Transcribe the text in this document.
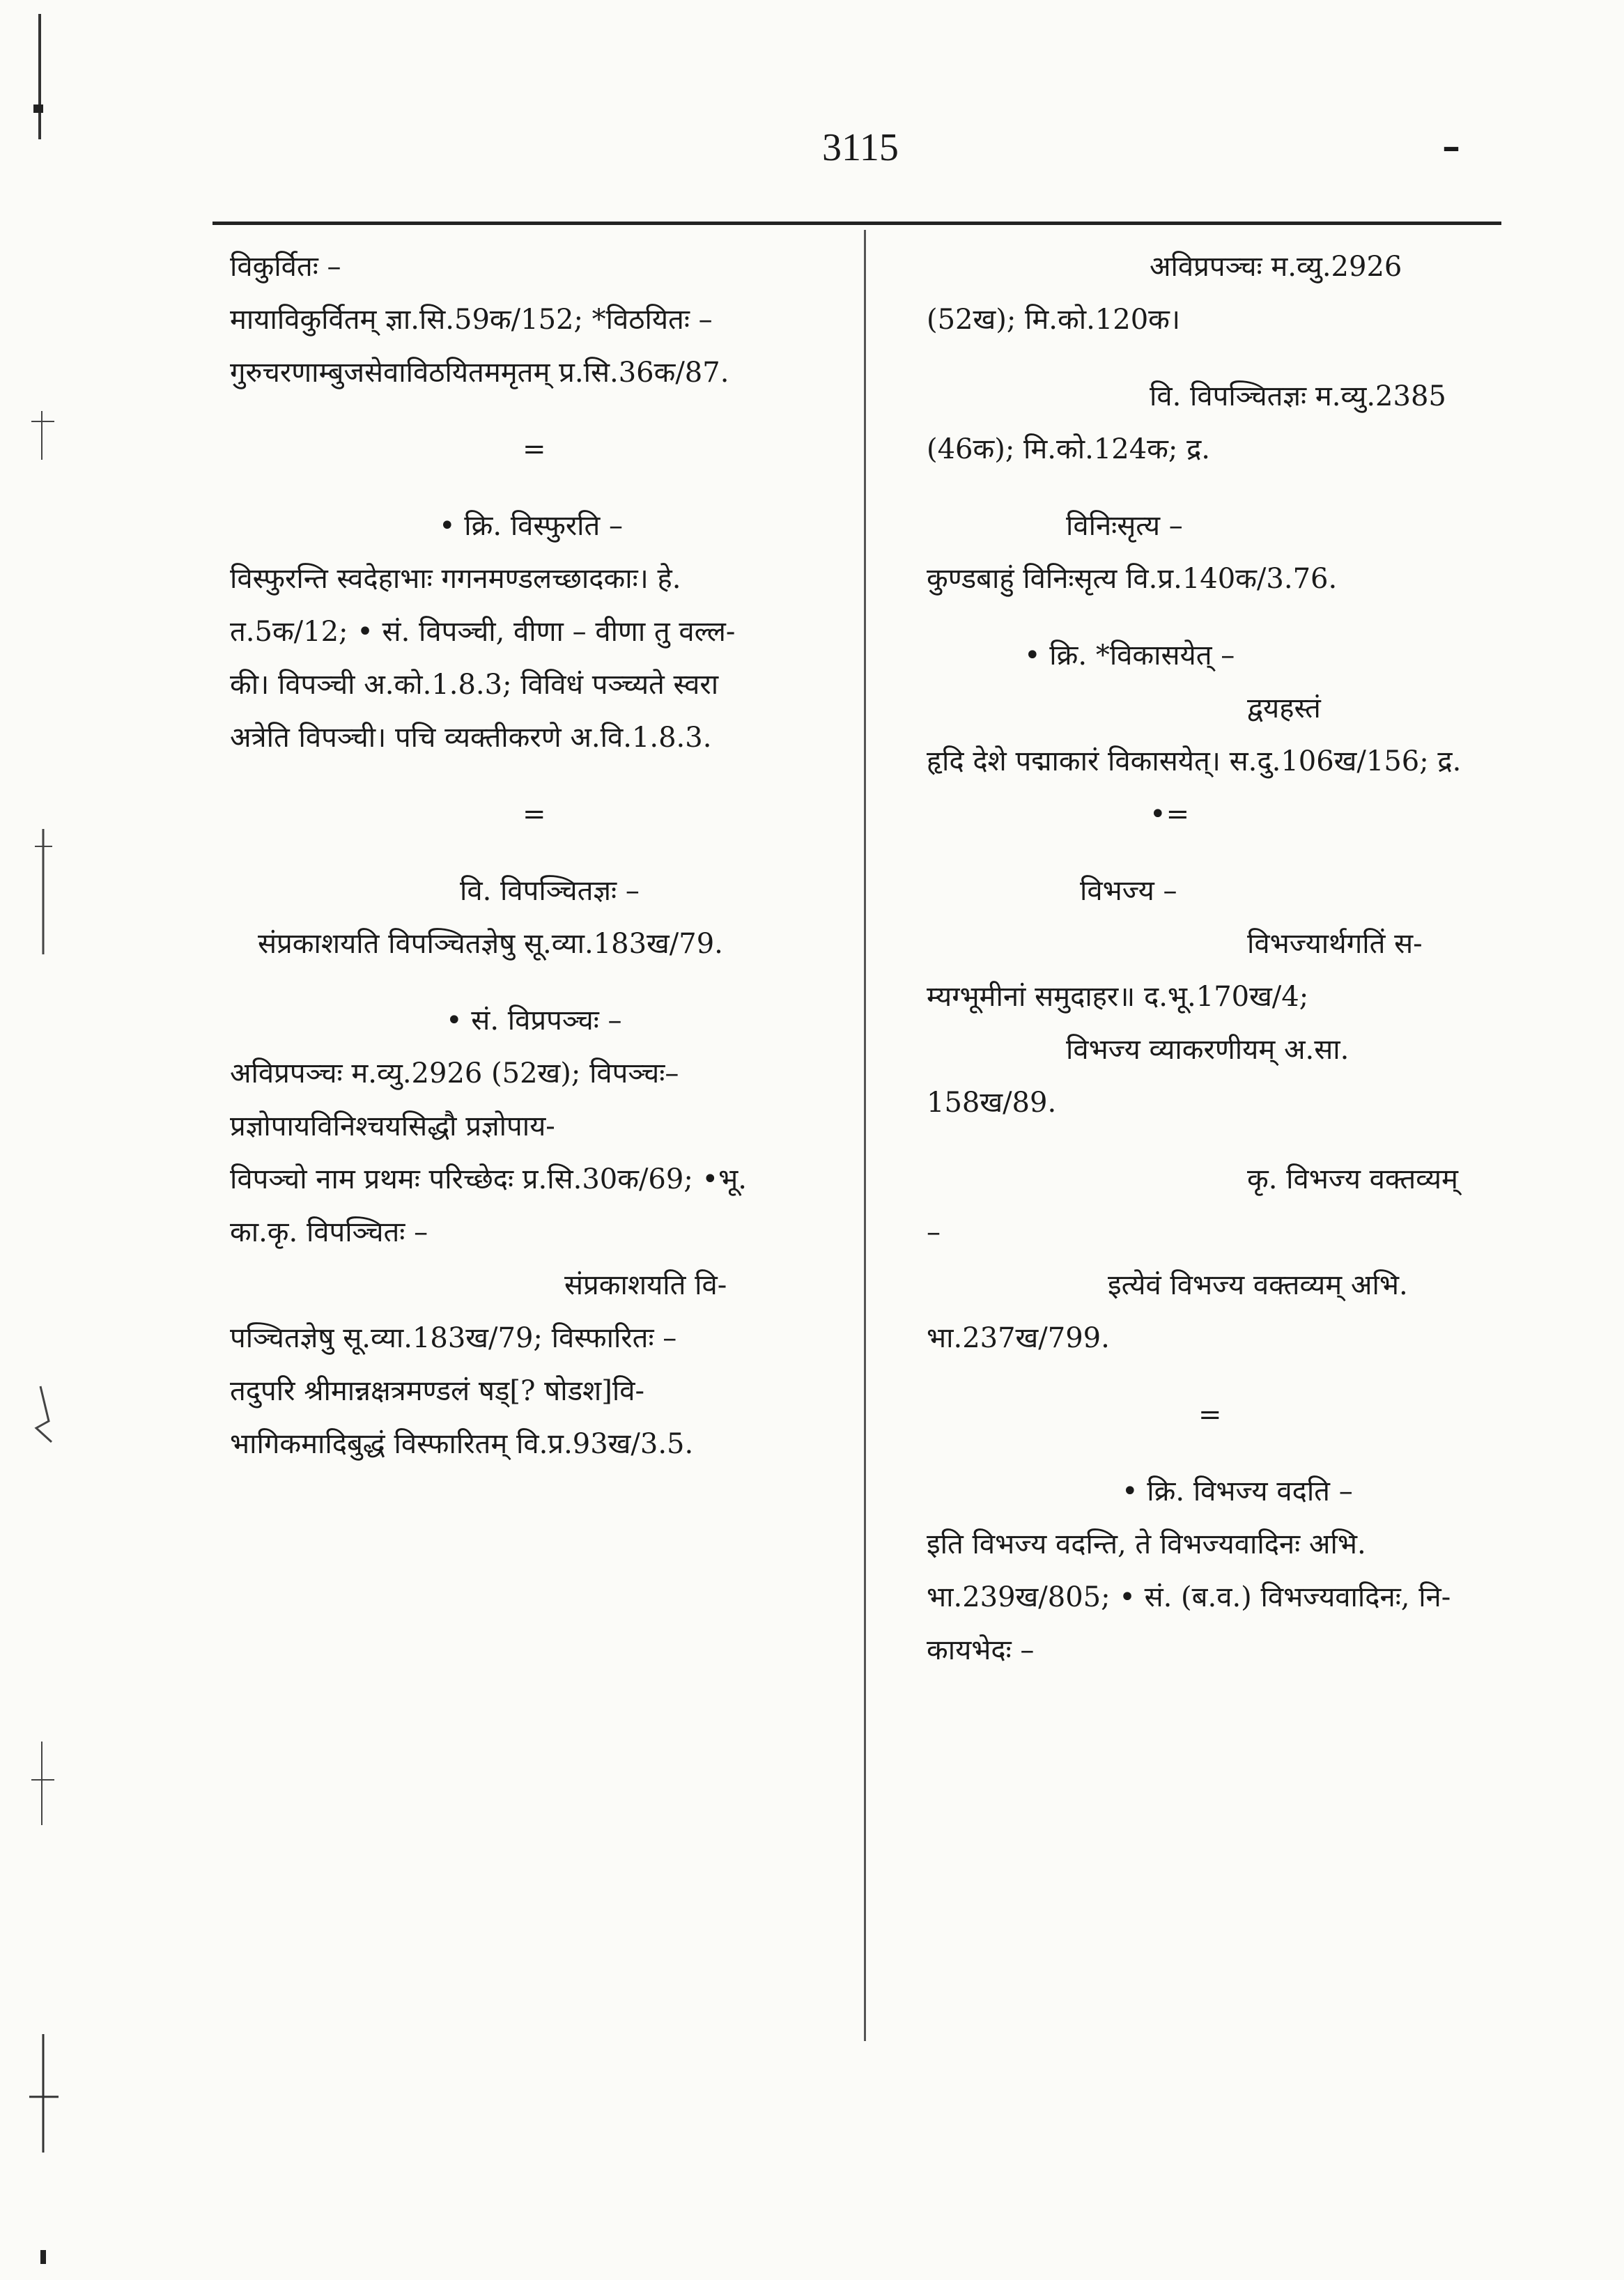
3115	–

विकुर्वितः –

मायाविकुर्वितम् ज्ञा.सि.59क/152; *विठयितः –

गुरुचरणाम्बुजसेवाविठयितममृतम् प्र.सि.36क/87.

=

• क्रि. विस्फुरति –

विस्फुरन्ति स्वदेहाभाः गगनमण्डलच्छादकाः। हे.

त.5क/12; • सं. विपञ्ची, वीणा – वीणा तु वल्ल-

की। विपञ्ची अ.को.1.8.3; विविधं पञ्च्यते स्वरा

अत्रेति विपञ्ची। पचि व्यक्तीकरणे अ.वि.1.8.3.

=

वि. विपञ्चितज्ञः –

संप्रकाशयति विपञ्चितज्ञेषु सू.व्या.183ख/79.

• सं. विप्रपञ्चः –

अविप्रपञ्चः म.व्यु.2926 (52ख); विपञ्चः–

प्रज्ञोपायविनिश्चयसिद्धौ प्रज्ञोपाय-

विपञ्चो नाम प्रथमः परिच्छेदः प्र.सि.30क/69; •भू.

का.कृ. विपञ्चितः –

संप्रकाशयति वि-

पञ्चितज्ञेषु सू.व्या.183ख/79; विस्फारितः –

तदुपरि श्रीमान्नक्षत्रमण्डलं षड्[? षोडश]वि-

भागिकमादिबुद्धं विस्फारितम् वि.प्र.93ख/3.5.

अविप्रपञ्चः म.व्यु.2926

(52ख); मि.को.120क।

वि. विपञ्चितज्ञः म.व्यु.2385

(46क); मि.को.124क; द्र.

विनिःसृत्य –

कुण्डबाहुं विनिःसृत्य वि.प्र.140क/3.76.

• क्रि. *विकासयेत् –

द्वयहस्तं

हृदि देशे पद्माकारं विकासयेत्। स.दु.106ख/156; द्र.

•=

विभज्य –

विभज्यार्थगतिं स-

म्यग्भूमीनां समुदाहर॥ द.भू.170ख/4;

विभज्य व्याकरणीयम् अ.सा.

158ख/89.

कृ. विभज्य वक्तव्यम्

–

इत्येवं विभज्य वक्तव्यम् अभि.

भा.237ख/799.

=

• क्रि. विभज्य वदति –

इति विभज्य वदन्ति, ते विभज्यवादिनः अभि.

भा.239ख/805; • सं. (ब.व.) विभज्यवादिनः, नि-

कायभेदः –
